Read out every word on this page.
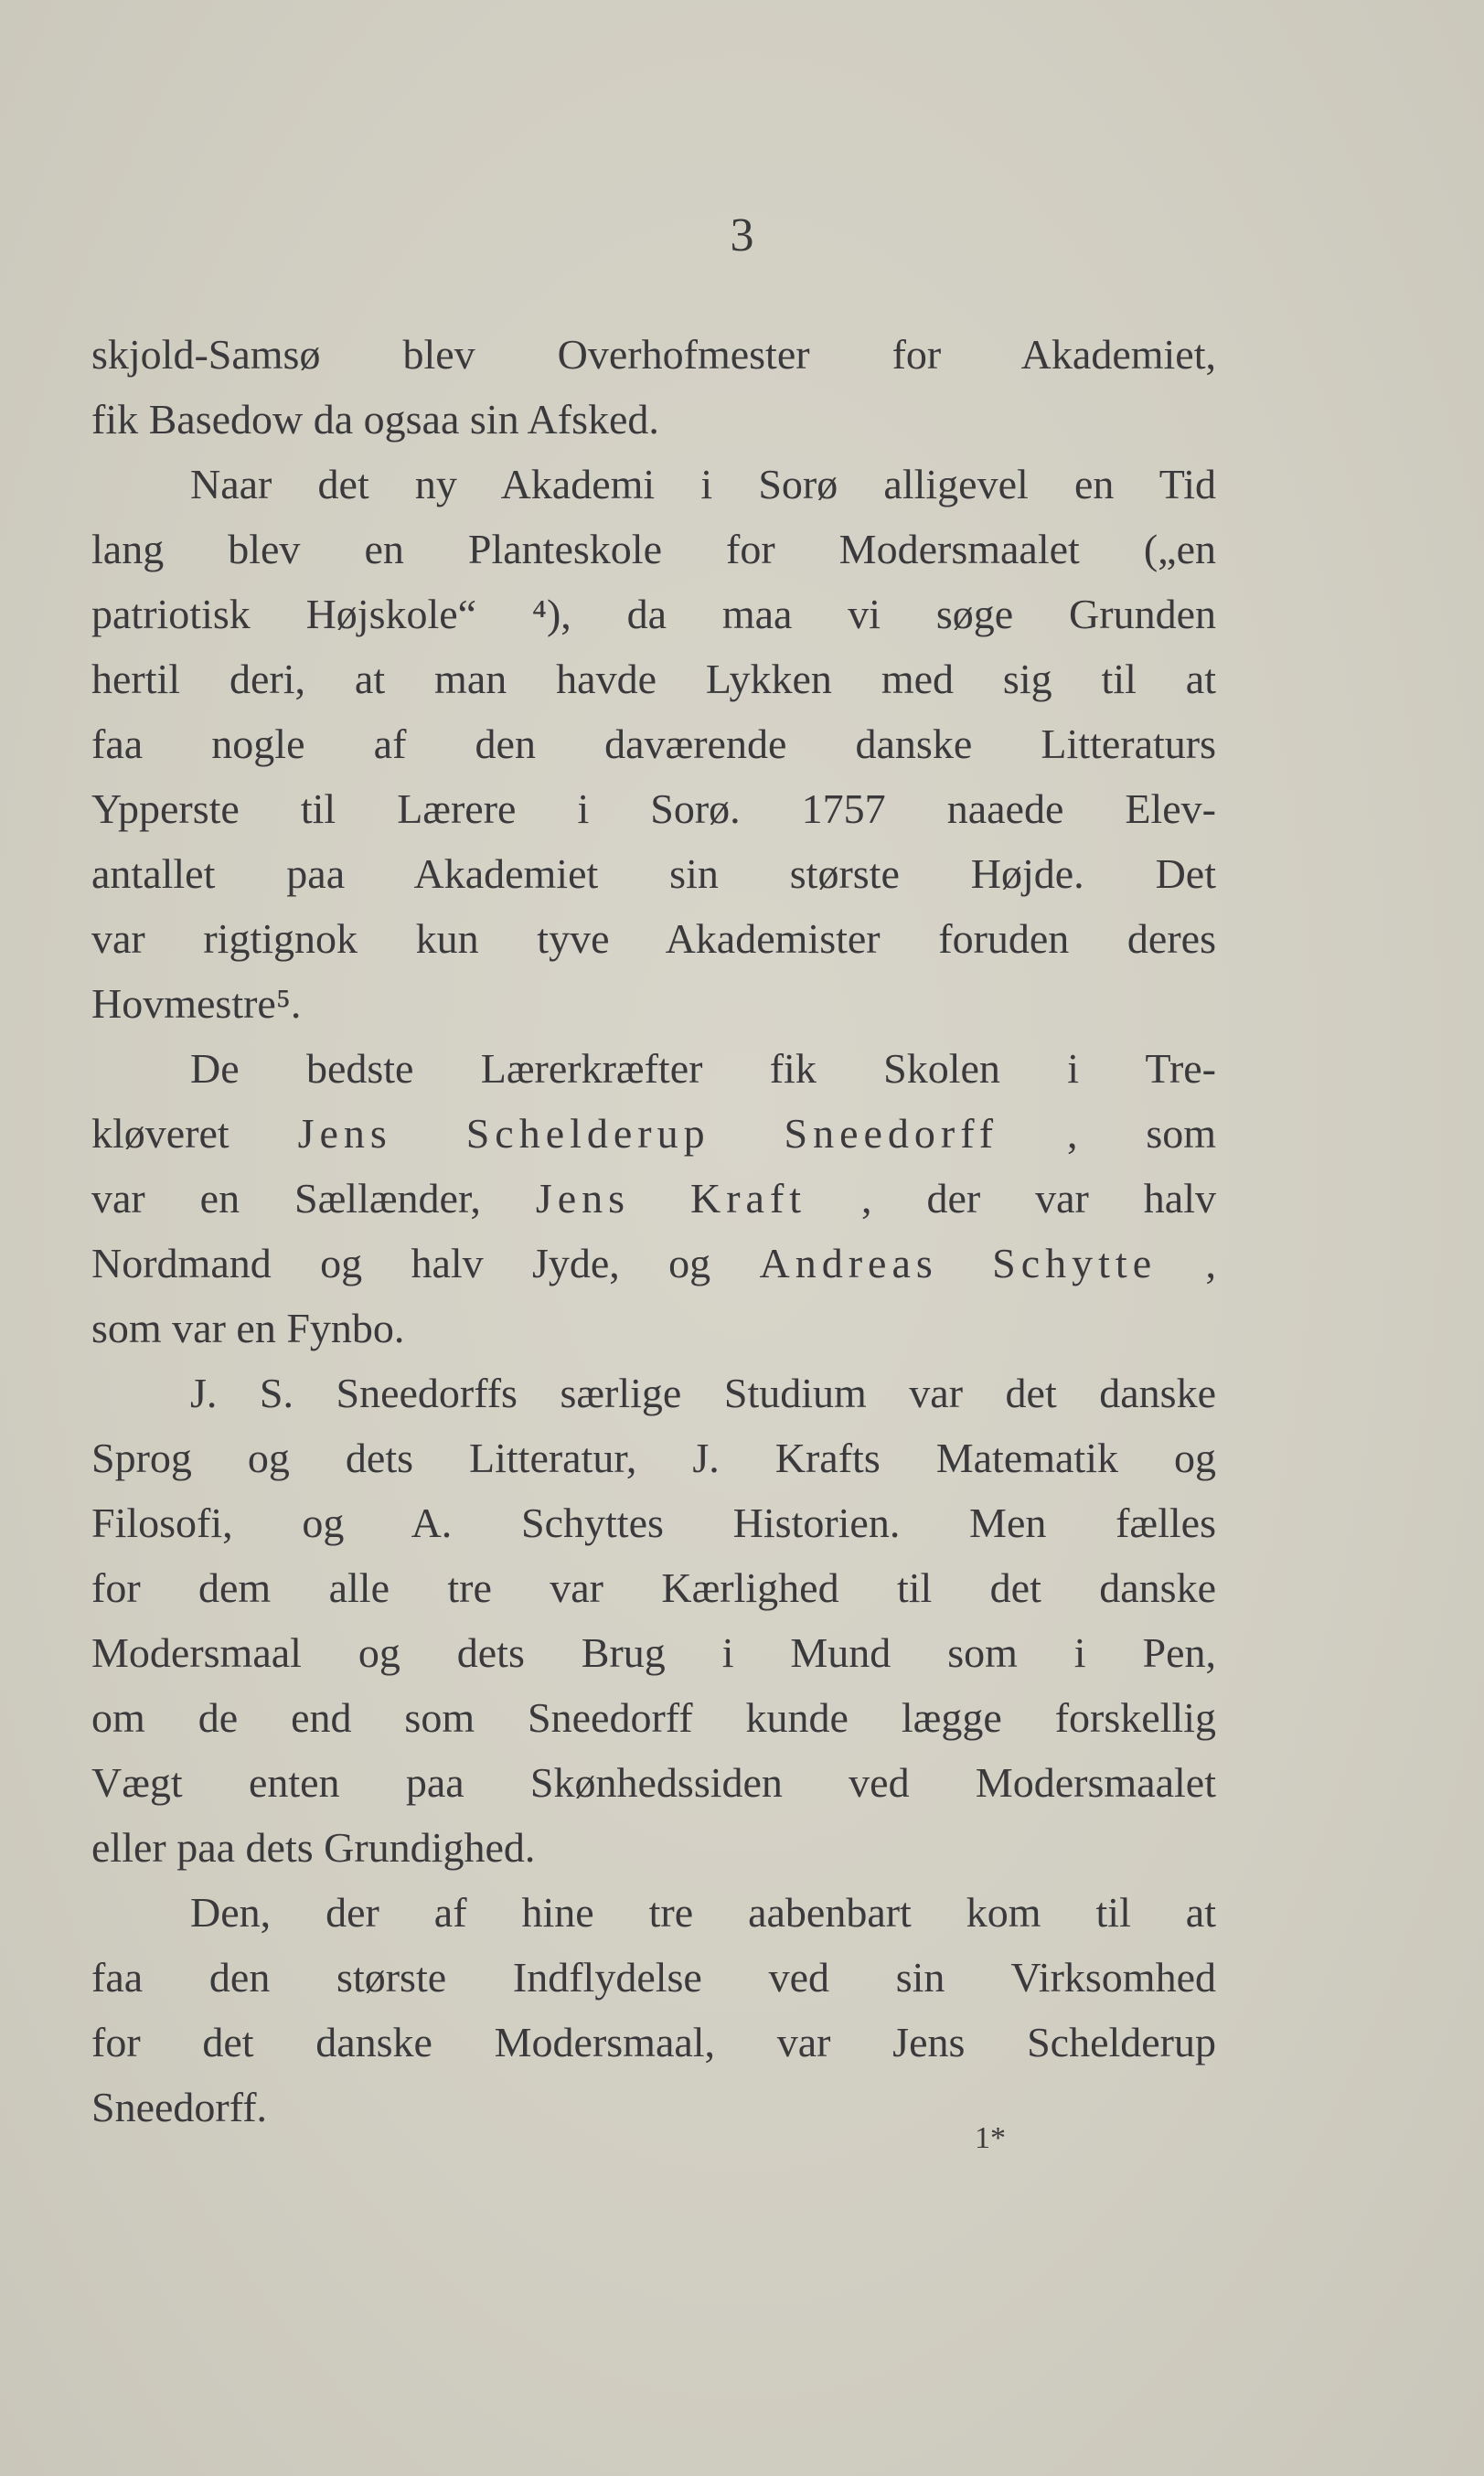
3
skjold-Samsø blev Overhofmester for Akademiet,
fik Basedow da ogsaa sin Afsked.
Naar det ny Akademi i Sorø alligevel en Tid
lang blev en Planteskole for Modersmaalet („en
patriotisk Højskole“ ⁴), da maa vi søge Grunden
hertil deri, at man havde Lykken med sig til at
faa nogle af den daværende danske Litteraturs
Ypperste til Lærere i Sorø. 1757 naaede Elev-
antallet paa Akademiet sin største Højde. Det
var rigtignok kun tyve Akademister foruden deres
Hovmestre⁵.
De bedste Lærerkræfter fik Skolen i Tre-
kløveret Jens Schelderup Sneedorff , som
var en Sællænder, Jens Kraft , der var halv
Nordmand og halv Jyde, og Andreas Schytte ,
som var en Fynbo.
J. S. Sneedorffs særlige Studium var det danske
Sprog og dets Litteratur, J. Krafts Matematik og
Filosofi, og A. Schyttes Historien. Men fælles
for dem alle tre var Kærlighed til det danske
Modersmaal og dets Brug i Mund som i Pen,
om de end som Sneedorff kunde lægge forskellig
Vægt enten paa Skønhedssiden ved Modersmaalet
eller paa dets Grundighed.
Den, der af hine tre aabenbart kom til at
faa den største Indflydelse ved sin Virksomhed
for det danske Modersmaal, var Jens Schelderup
Sneedorff.
1*
